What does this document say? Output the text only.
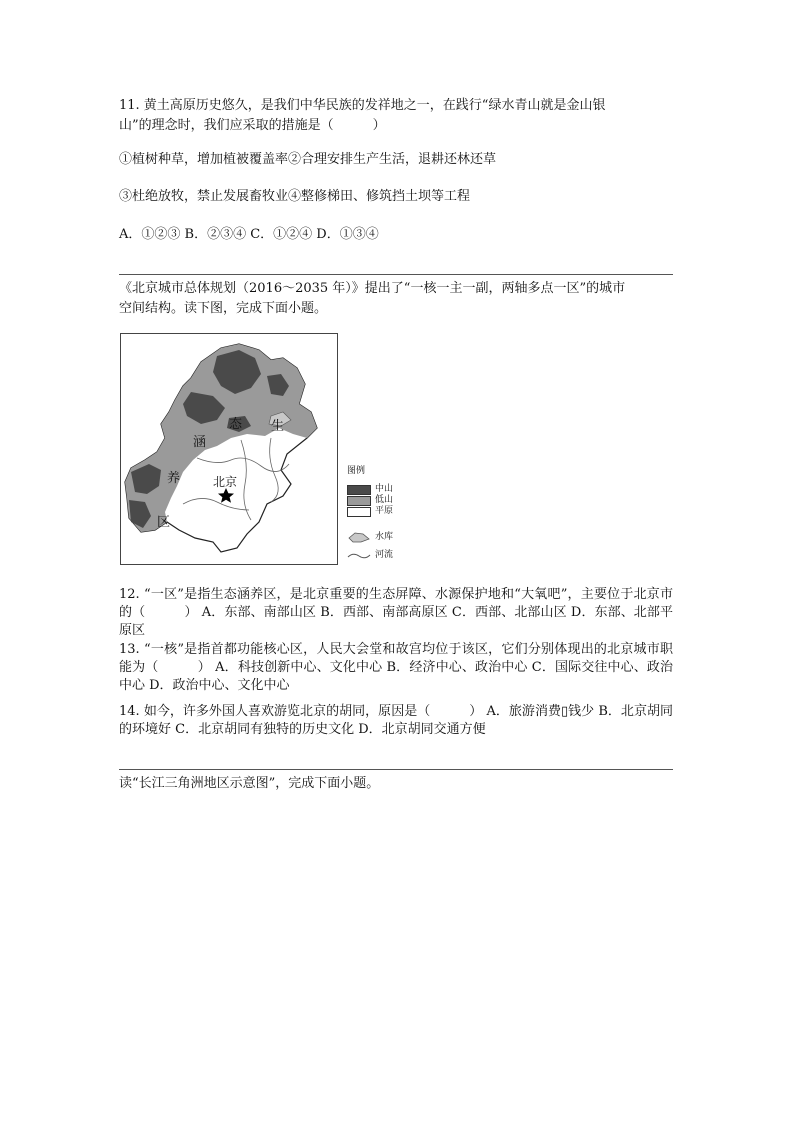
11. 黄土高原历史悠久，是我们中华民族的发祥地之一，在践行“绿水青山就是金山银
山”的理念时，我们应采取的措施是（　　　）
①植树种草，增加植被覆盖率②合理安排生产生活，退耕还林还草
③杜绝放牧，禁止发展畜牧业④整修梯田、修筑挡土坝等工程
A．①②③ B．②③④ C．①②④ D．①③④
《北京城市总体规划（2016～2035 年）》提出了“一核一主一副，两轴多点一区”的城市
空间结构。读下图，完成下面小题。
生
态
涵
养
区
北京
图例
中山
低山
平原
水库
河流
12. “一区”是指生态涵养区，是北京重要的生态屏障、水源保护地和“大氧吧”，主要位于北京市的（　　　） A．东部、南部山区 B．西部、南部高原区 C．西部、北部山区 D．东部、北部平原区
13. “一核”是指首都功能核心区，人民大会堂和故宫均位于该区，它们分别体现出的北京城市职能为（　　　） A．科技创新中心、文化中心 B．经济中心、政治中心 C．国际交往中心、政治中心 D．政治中心、文化中心
14. 如今，许多外国人喜欢游览北京的胡同，原因是（　　　） A．旅游消费▯钱少 B．北京胡同的环境好 C．北京胡同有独特的历史文化 D．北京胡同交通方便
读“长江三角洲地区示意图”，完成下面小题。
